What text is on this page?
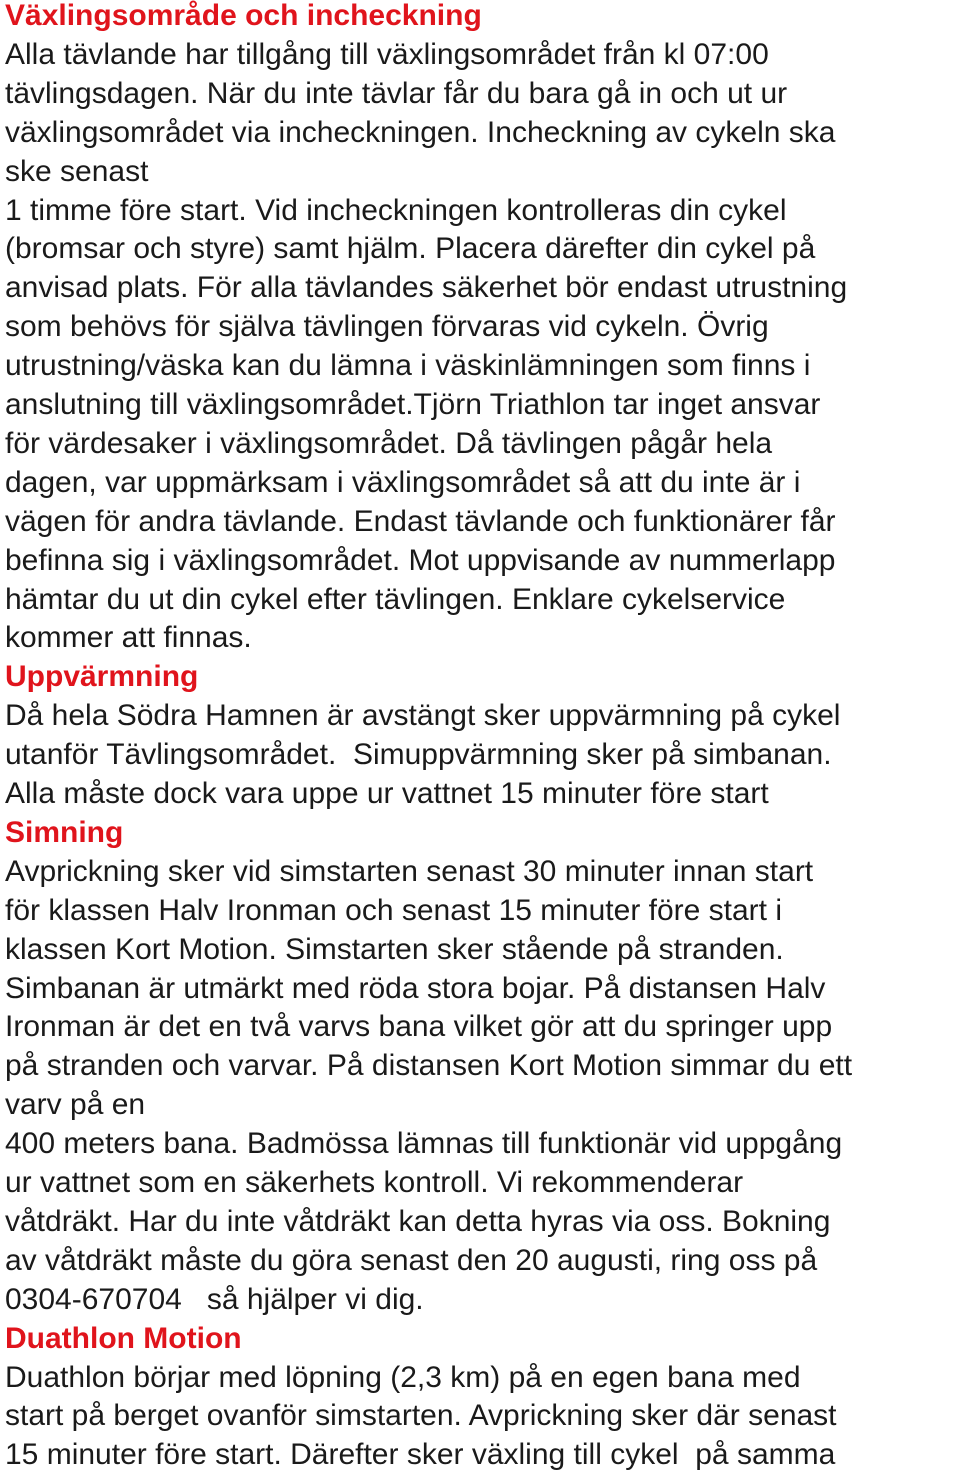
Växlingsområde och incheckning
Alla tävlande har tillgång till växlingsområdet från kl 07:00
tävlingsdagen. När du inte tävlar får du bara gå in och ut ur
växlingsområdet via incheckningen. Incheckning av cykeln ska
ske senast
1 timme före start. Vid incheckningen kontrolleras din cykel
(bromsar och styre) samt hjälm. Placera därefter din cykel på
anvisad plats. För alla tävlandes säkerhet bör endast utrustning
som behövs för själva tävlingen förvaras vid cykeln. Övrig
utrustning/väska kan du lämna i väskinlämningen som finns i
anslutning till växlingsområdet.Tjörn Triathlon tar inget ansvar
för värdesaker i växlingsområdet. Då tävlingen pågår hela
dagen, var uppmärksam i växlingsområdet så att du inte är i
vägen för andra tävlande. Endast tävlande och funktionärer får
befinna sig i växlingsområdet. Mot uppvisande av nummerlapp
hämtar du ut din cykel efter tävlingen. Enklare cykelservice
kommer att finnas.
Uppvärmning
Då hela Södra Hamnen är avstängt sker uppvärmning på cykel
utanför Tävlingsområdet.  Simuppvärmning sker på simbanan.
Alla måste dock vara uppe ur vattnet 15 minuter före start
Simning
Avprickning sker vid simstarten senast 30 minuter innan start
för klassen Halv Ironman och senast 15 minuter före start i
klassen Kort Motion. Simstarten sker stående på stranden.
Simbanan är utmärkt med röda stora bojar. På distansen Halv
Ironman är det en två varvs bana vilket gör att du springer upp
på stranden och varvar. På distansen Kort Motion simmar du ett
varv på en
400 meters bana. Badmössa lämnas till funktionär vid uppgång
ur vattnet som en säkerhets kontroll. Vi rekommenderar
våtdräkt. Har du inte våtdräkt kan detta hyras via oss. Bokning
av våtdräkt måste du göra senast den 20 augusti, ring oss på
0304-670704   så hjälper vi dig.
Duathlon Motion
Duathlon börjar med löpning (2,3 km) på en egen bana med
start på berget ovanför simstarten. Avprickning sker där senast
15 minuter före start. Därefter sker växling till cykel  på samma
